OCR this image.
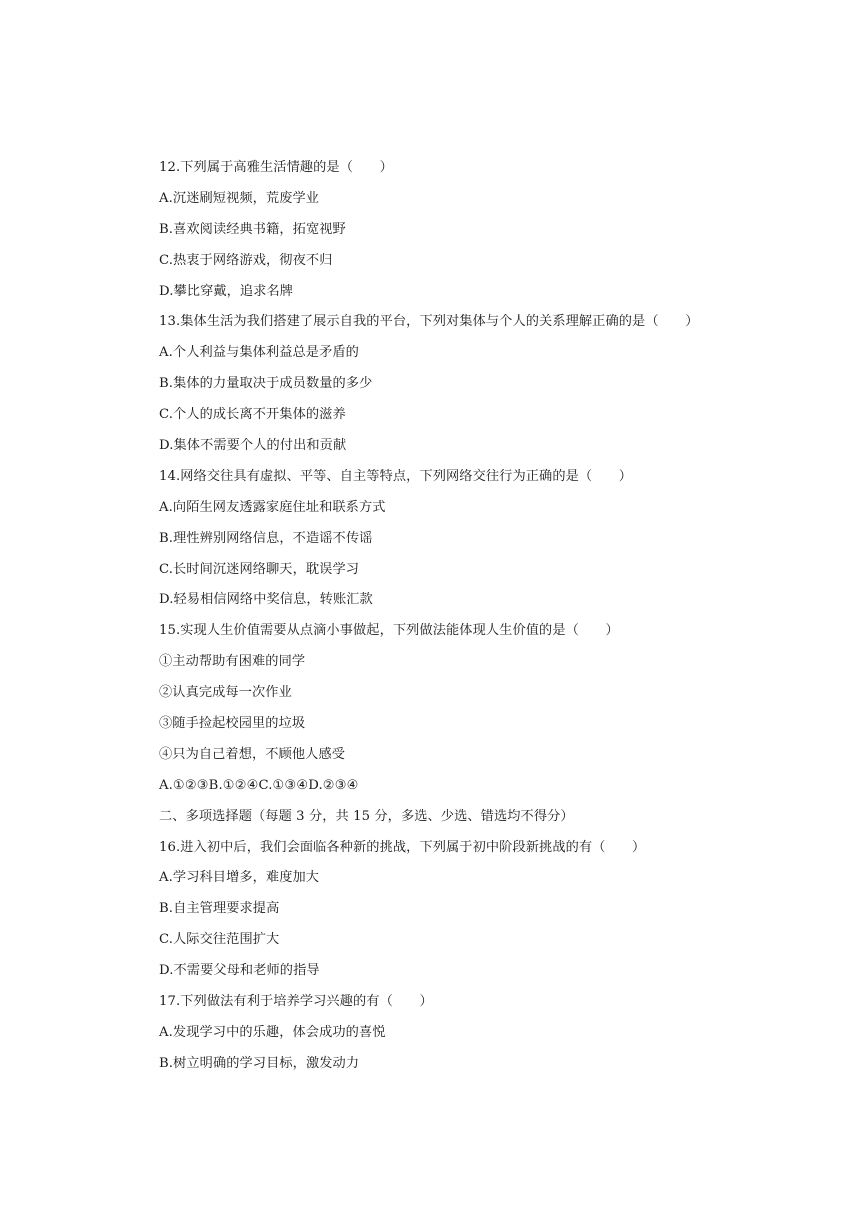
12.下列属于高雅生活情趣的是（　　）
A.沉迷刷短视频，荒废学业
B.喜欢阅读经典书籍，拓宽视野
C.热衷于网络游戏，彻夜不归
D.攀比穿戴，追求名牌
13.集体生活为我们搭建了展示自我的平台，下列对集体与个人的关系理解正确的是（　　）
A.个人利益与集体利益总是矛盾的
B.集体的力量取决于成员数量的多少
C.个人的成长离不开集体的滋养
D.集体不需要个人的付出和贡献
14.网络交往具有虚拟、平等、自主等特点，下列网络交往行为正确的是（　　）
A.向陌生网友透露家庭住址和联系方式
B.理性辨别网络信息，不造谣不传谣
C.长时间沉迷网络聊天，耽误学习
D.轻易相信网络中奖信息，转账汇款
15.实现人生价值需要从点滴小事做起，下列做法能体现人生价值的是（　　）
①主动帮助有困难的同学
②认真完成每一次作业
③随手捡起校园里的垃圾
④只为自己着想，不顾他人感受
A.①②③B.①②④C.①③④D.②③④
二、多项选择题（每题 3 分，共 15 分，多选、少选、错选均不得分）
16.进入初中后，我们会面临各种新的挑战，下列属于初中阶段新挑战的有（　　）
A.学习科目增多，难度加大
B.自主管理要求提高
C.人际交往范围扩大
D.不需要父母和老师的指导
17.下列做法有利于培养学习兴趣的有（　　）
A.发现学习中的乐趣，体会成功的喜悦
B.树立明确的学习目标，激发动力
